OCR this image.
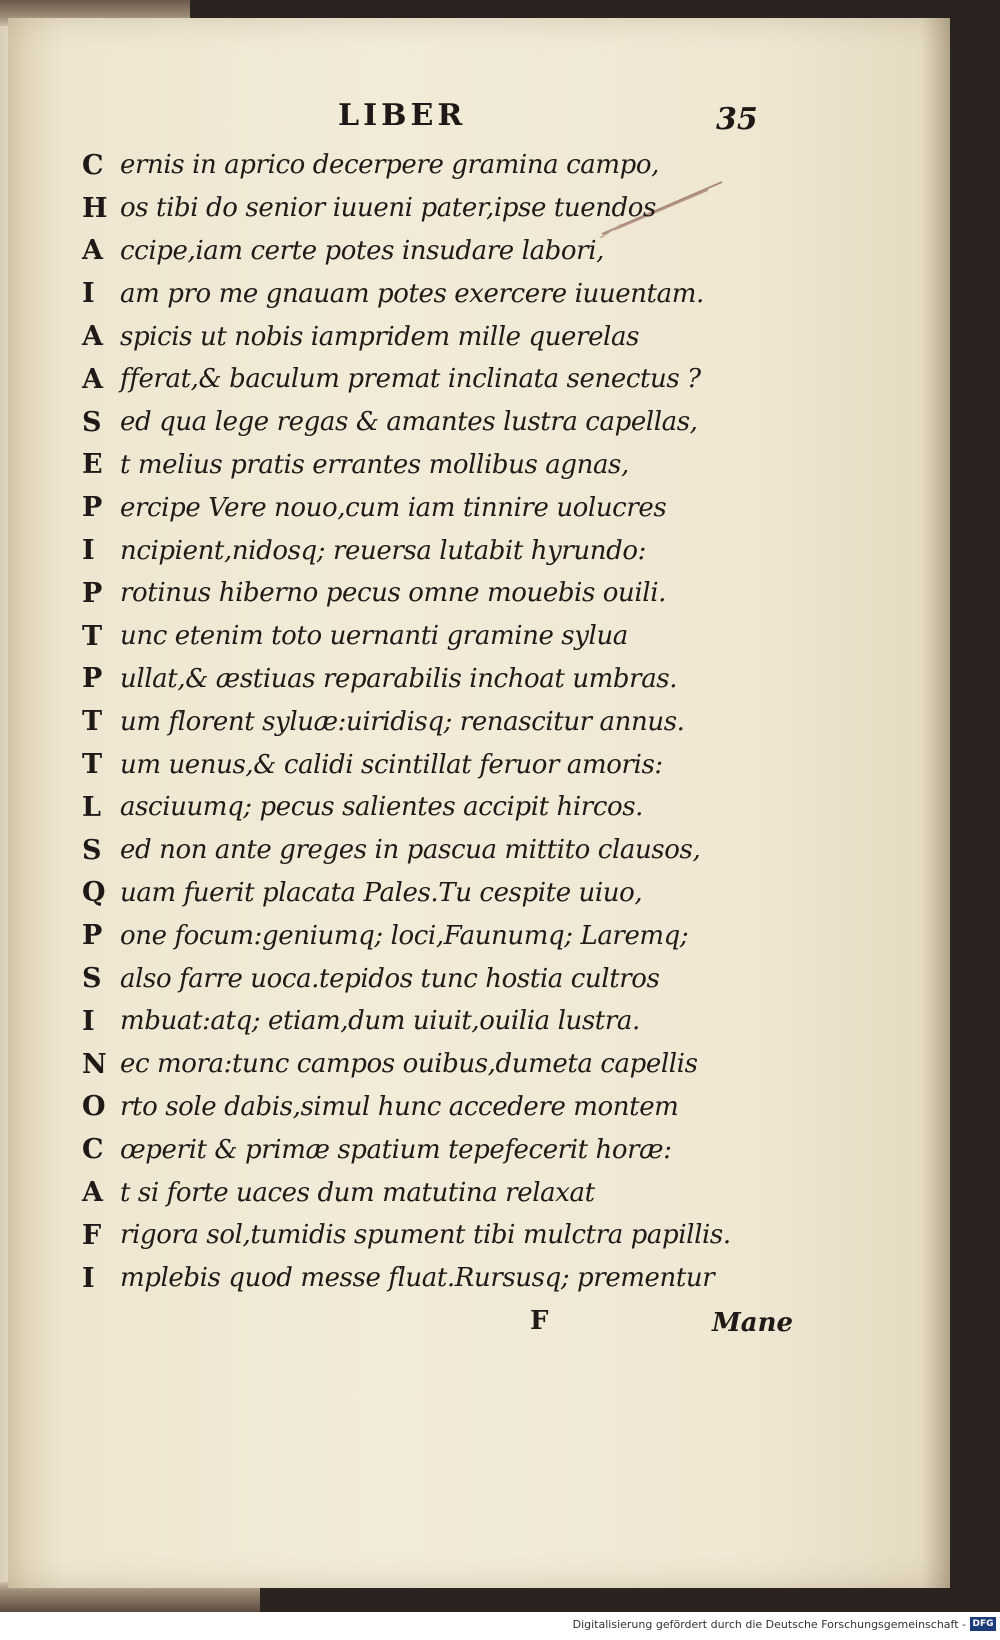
LIBER	35
C ernis in aprico decerpere gramina campo,
H os tibi do senior iuueni pater,ipse tuendos
A ccipe,iam certe potes insudare labori,
I am pro me gnauam potes exercere iuuentam.
A spicis ut nobis iampridem mille querelas
A fferat,& baculum premat inclinata senectus ?
S ed qua lege regas & amantes lustra capellas,
E t melius pratis errantes mollibus agnas,
P ercipe Vere nouo,cum iam tinnire uolucres
I ncipient,nidosq; reuersa lutabit hyrundo:
P rotinus hiberno pecus omne mouebis ouili.
T unc etenim toto uernanti gramine sylua
P ullat,& æstiuas reparabilis inchoat umbras.
T um florent syluæ:uiridisq; renascitur annus.
T um uenus,& calidi scintillat feruor amoris:
L asciuumq; pecus salientes accipit hircos.
S ed non ante greges in pascua mittito clausos,
Q uam fuerit placata Pales.Tu cespite uiuo,
P one focum:geniumq; loci,Faunumq; Laremq;
S also farre uoca.tepidos tunc hostia cultros
I mbuat:atq; etiam,dum uiuit,ouilia lustra.
N ec mora:tunc campos ouibus,dumeta capellis
O rto sole dabis,simul hunc accedere montem
C œperit & primæ spatium tepefecerit horæ:
A t si forte uaces dum matutina relaxat
F rigora sol,tumidis spument tibi mulctra papillis.
I mplebis quod messe fluat.Rursusq; prementur
F	Mane
Digitalisierung gefördert durch die Deutsche Forschungsgemeinschaft - DFG
